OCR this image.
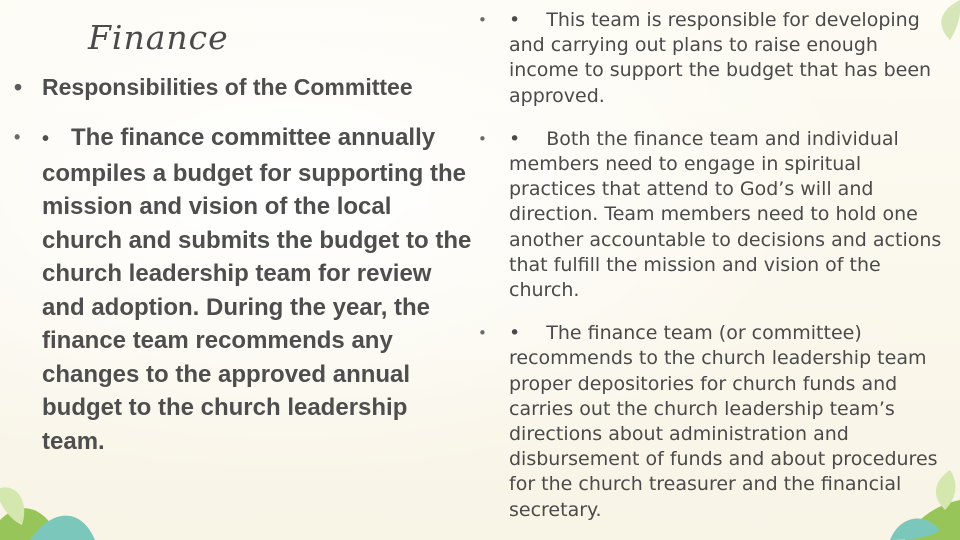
Finance

• Responsibilities of the Committee

• • The finance committee annually compiles a budget for supporting the mission and vision of the local church and submits the budget to the church leadership team for review and adoption. During the year, the finance team recommends any changes to the approved annual budget to the church leadership team.
• • This team is responsible for developing and carrying out plans to raise enough income to support the budget that has been approved.
• • Both the finance team and individual members need to engage in spiritual practices that attend to God’s will and direction. Team members need to hold one another accountable to decisions and actions that fulfill the mission and vision of the church.
• • The finance team (or committee) recommends to the church leadership team proper depositories for church funds and carries out the church leadership team’s directions about administration and disbursement of funds and about procedures for the church treasurer and the financial secretary.
